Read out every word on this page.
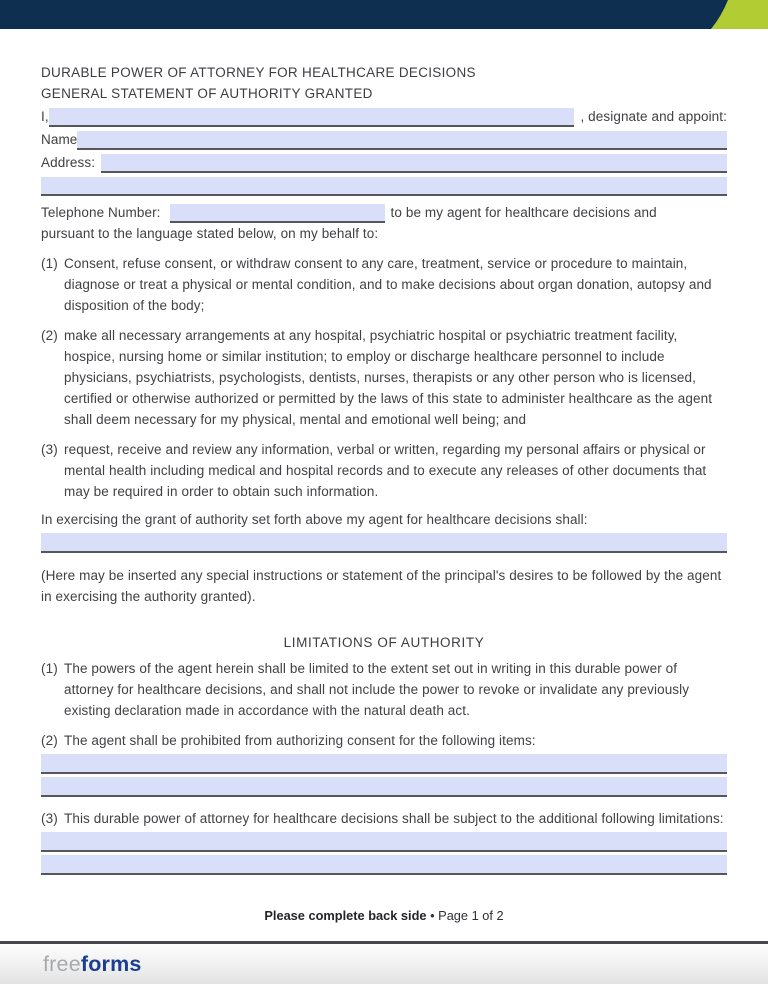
DURABLE POWER OF ATTORNEY FOR HEALTHCARE DECISIONS
GENERAL STATEMENT OF AUTHORITY GRANTED
I,	, designate and appoint:
Name
Address:
Telephone Number:	to be my agent for healthcare decisions and
pursuant to the language stated below, on my behalf to:
(1) Consent, refuse consent, or withdraw consent to any care, treatment, service or procedure to maintain, diagnose or treat a physical or mental condition, and to make decisions about organ donation, autopsy and disposition of the body;
(2) make all necessary arrangements at any hospital, psychiatric hospital or psychiatric treatment facility, hospice, nursing home or similar institution; to employ or discharge healthcare personnel to include physicians, psychiatrists, psychologists, dentists, nurses, therapists or any other person who is licensed, certified or otherwise authorized or permitted by the laws of this state to administer healthcare as the agent shall deem necessary for my physical, mental and emotional well being; and
(3) request, receive and review any information, verbal or written, regarding my personal affairs or physical or mental health including medical and hospital records and to execute any releases of other documents that may be required in order to obtain such information.
In exercising the grant of authority set forth above my agent for healthcare decisions shall:
(Here may be inserted any special instructions or statement of the principal's desires to be followed by the agent in exercising the authority granted).
LIMITATIONS OF AUTHORITY
(1) The powers of the agent herein shall be limited to the extent set out in writing in this durable power of attorney for healthcare decisions, and shall not include the power to revoke or invalidate any previously existing declaration made in accordance with the natural death act.
(2) The agent shall be prohibited from authorizing consent for the following items:
(3) This durable power of attorney for healthcare decisions shall be subject to the additional following limitations:
Please complete back side • Page 1 of 2
freeforms
